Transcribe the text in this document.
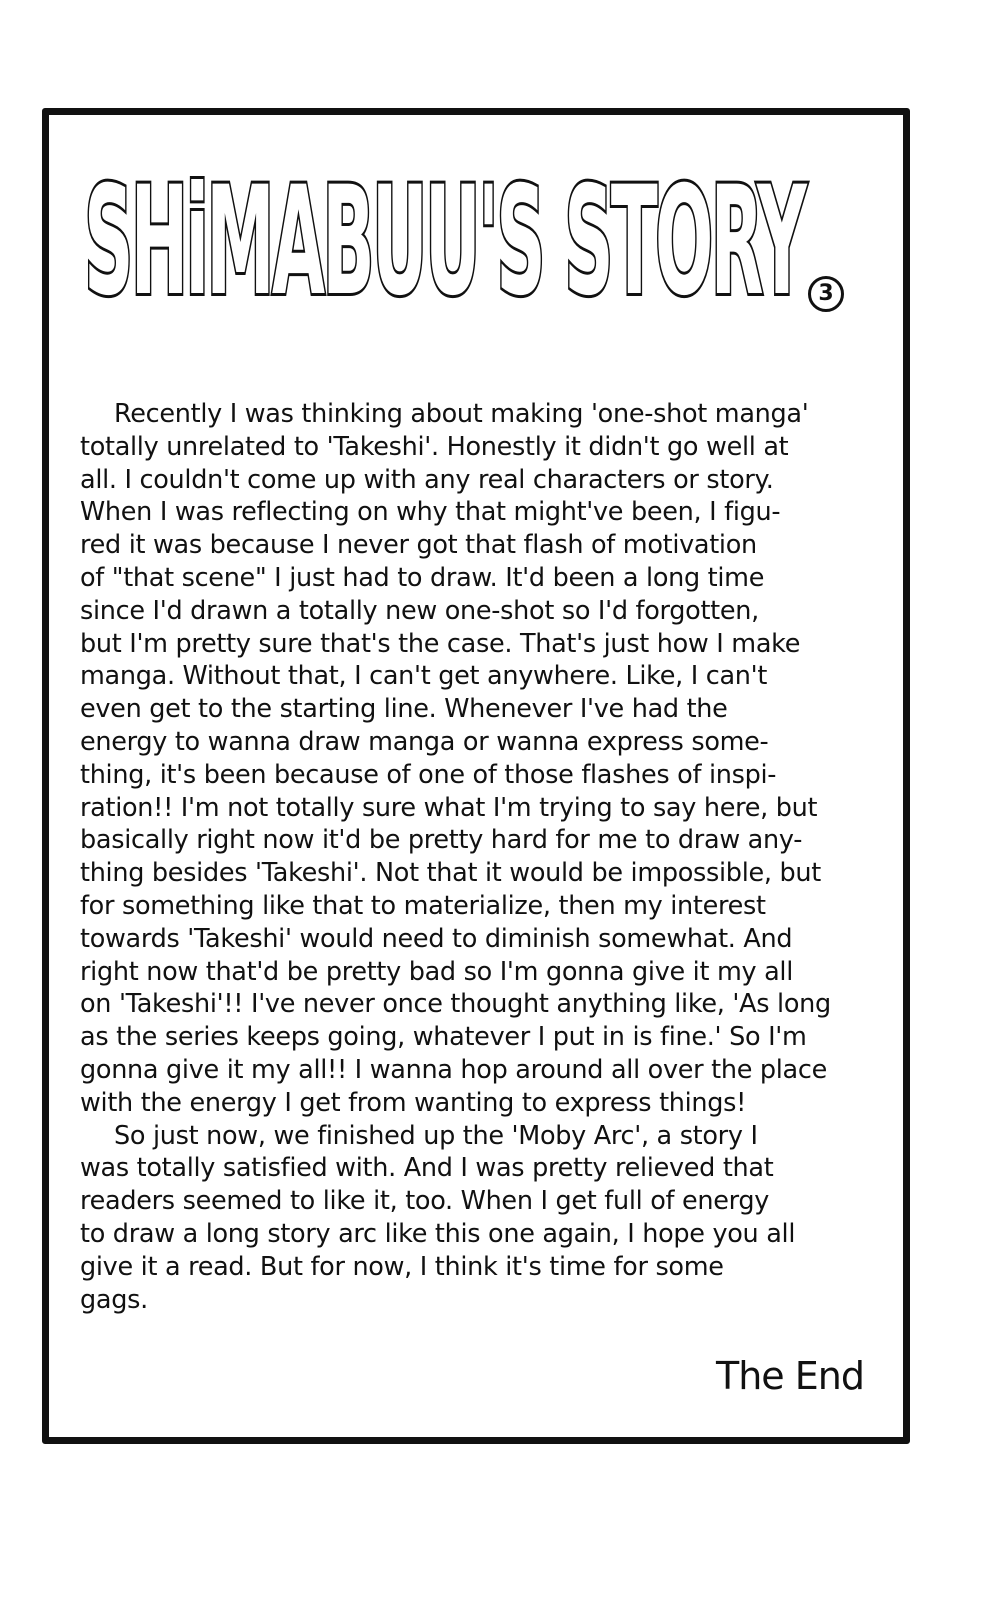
SHiMABUU'S STORY 3
Recently I was thinking about making 'one-shot manga'
totally unrelated to 'Takeshi'. Honestly it didn't go well at
all. I couldn't come up with any real characters or story.
When I was reflecting on why that might've been, I figu-
red it was because I never got that flash of motivation
of "that scene" I just had to draw. It'd been a long time
since I'd drawn a totally new one-shot so I'd forgotten,
but I'm pretty sure that's the case. That's just how I make
manga. Without that, I can't get anywhere. Like, I can't
even get to the starting line. Whenever I've had the
energy to wanna draw manga or wanna express some-
thing, it's been because of one of those flashes of inspi-
ration!! I'm not totally sure what I'm trying to say here, but
basically right now it'd be pretty hard for me to draw any-
thing besides 'Takeshi'. Not that it would be impossible, but
for something like that to materialize, then my interest
towards 'Takeshi' would need to diminish somewhat. And
right now that'd be pretty bad so I'm gonna give it my all
on 'Takeshi'!! I've never once thought anything like, 'As long
as the series keeps going, whatever I put in is fine.' So I'm
gonna give it my all!! I wanna hop around all over the place
with the energy I get from wanting to express things!
So just now, we finished up the 'Moby Arc', a story I
was totally satisfied with. And I was pretty relieved that
readers seemed to like it, too. When I get full of energy
to draw a long story arc like this one again, I hope you all
give it a read. But for now, I think it's time for some
gags.
The End
